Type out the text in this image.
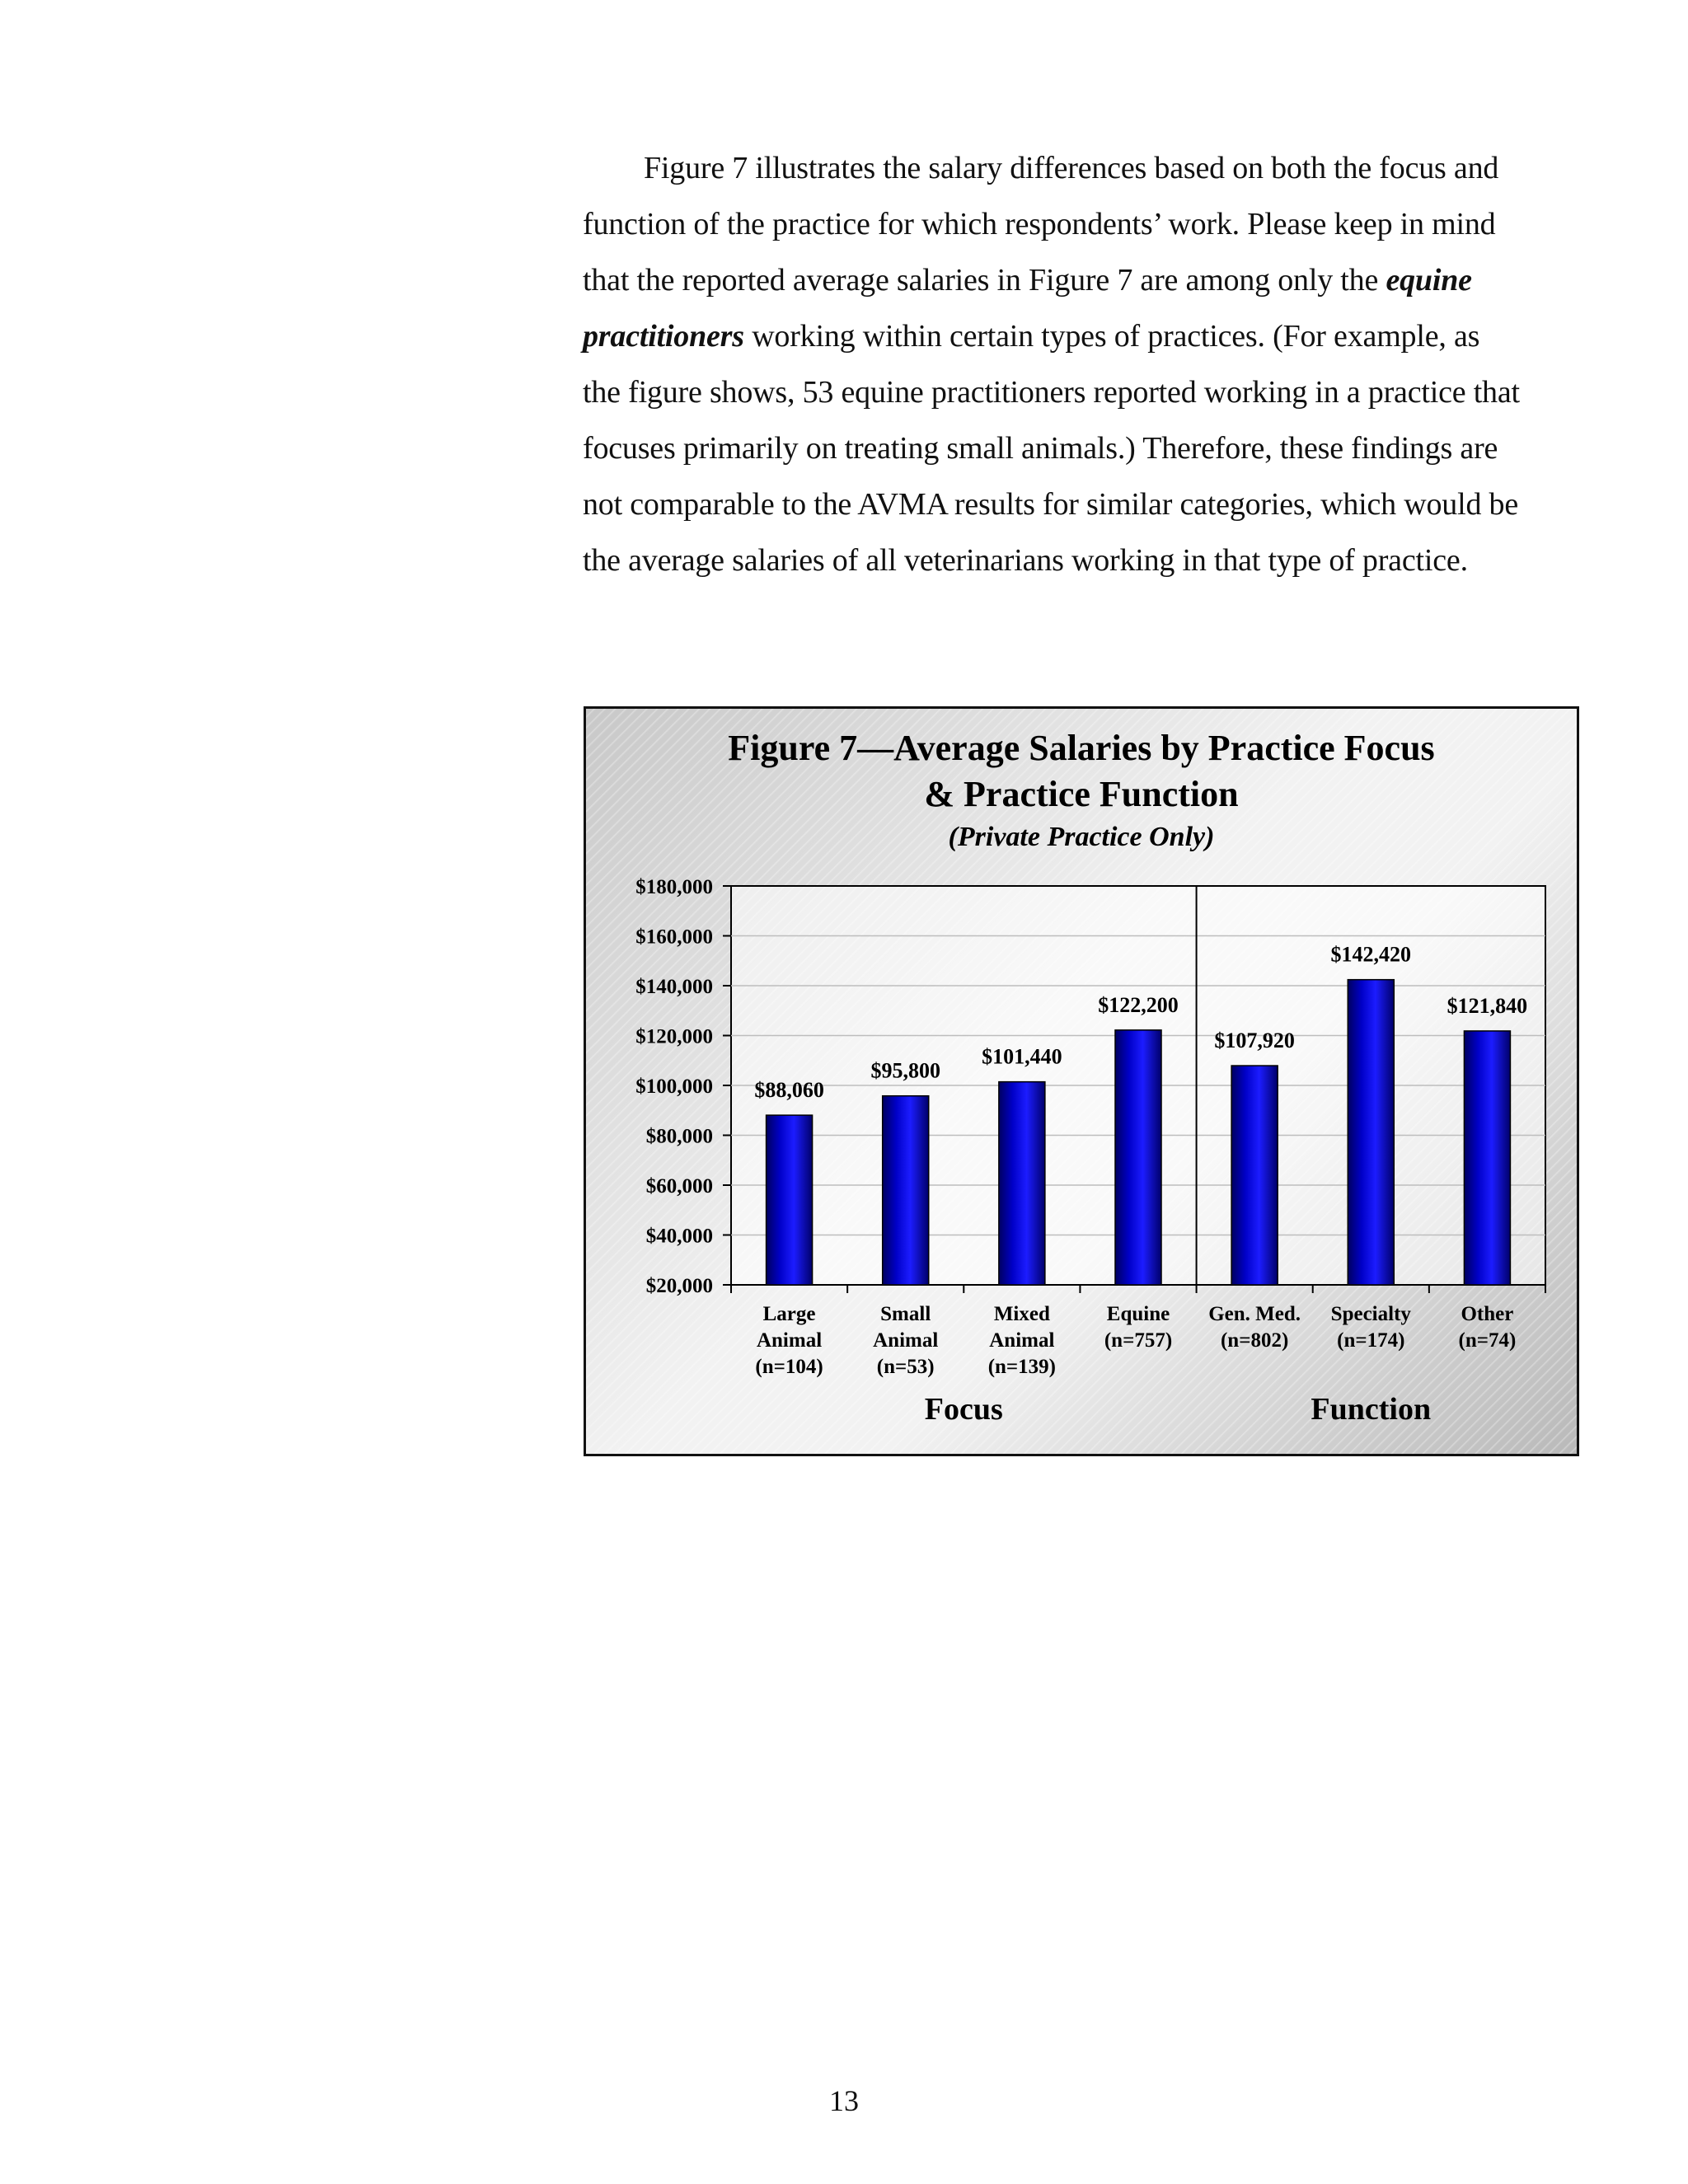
Figure 7 illustrates the salary differences based on both the focus and function of the practice for which respondents’ work. Please keep in mind that the reported average salaries in Figure 7 are among only the equine practitioners working within certain types of practices. (For example, as the figure shows, 53 equine practitioners reported working in a practice that focuses primarily on treating small animals.) Therefore, these findings are not comparable to the AVMA results for similar categories, which would be the average salaries of all veterinarians working in that type of practice.

Figure 7—Average Salaries by Practice Focus
& Practice Function
(Private Practice Only)
$20,000
$40,000
$60,000
$80,000
$100,000
$120,000
$140,000
$160,000
$180,000
$88,060
Large
Animal
(n=104)
$95,800
Small
Animal
(n=53)
$101,440
Mixed
Animal
(n=139)
$122,200
Equine
(n=757)
$107,920
Gen. Med.
(n=802)
$142,420
Specialty
(n=174)
$121,840
Other
(n=74)
Focus	Function
13
